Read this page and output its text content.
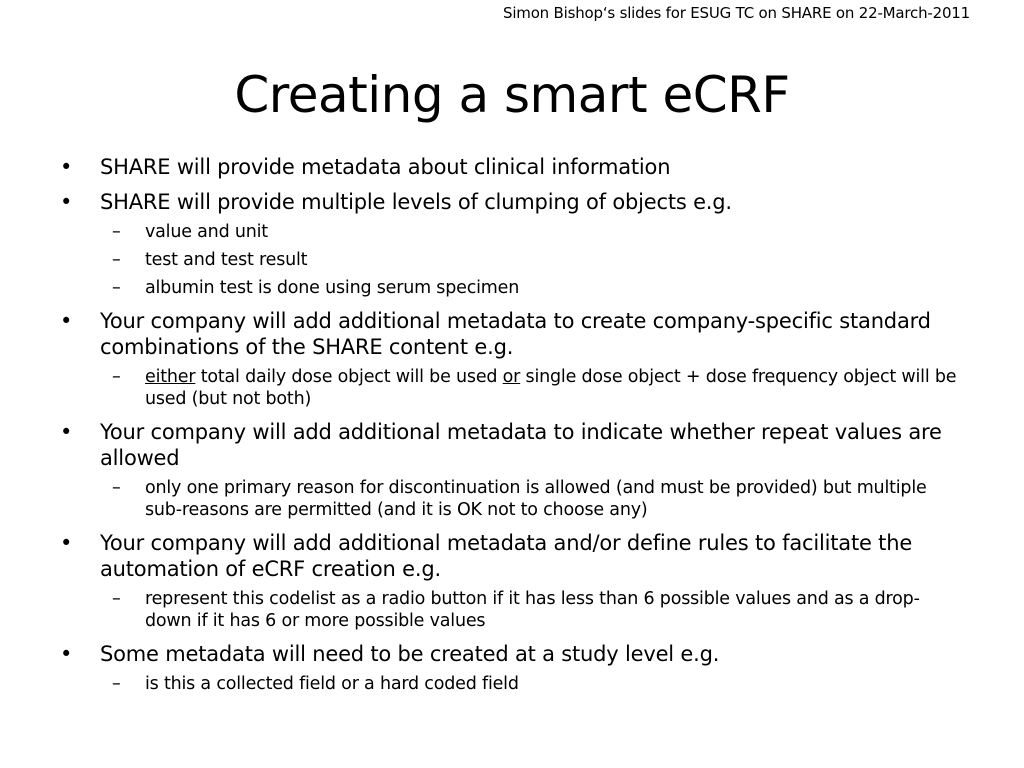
Simon Bishop‘s slides for ESUG TC on SHARE on 22-March-2011
Creating a smart eCRF
• SHARE will provide metadata about clinical information
• SHARE will provide multiple levels of clumping of objects e.g.
– value and unit
– test and test result
– albumin test is done using serum specimen
• Your company will add additional metadata to create company-specific standard combinations of the SHARE content e.g.
– either total daily dose object will be used or single dose object + dose frequency object will be used (but not both)
• Your company will add additional metadata to indicate whether repeat values are allowed
– only one primary reason for discontinuation is allowed (and must be provided) but multiple sub-reasons are permitted (and it is OK not to choose any)
• Your company will add additional metadata and/or define rules to facilitate the automation of eCRF creation e.g.
– represent this codelist as a radio button if it has less than 6 possible values and as a drop-down if it has 6 or more possible values
• Some metadata will need to be created at a study level e.g.
– is this a collected field or a hard coded field
